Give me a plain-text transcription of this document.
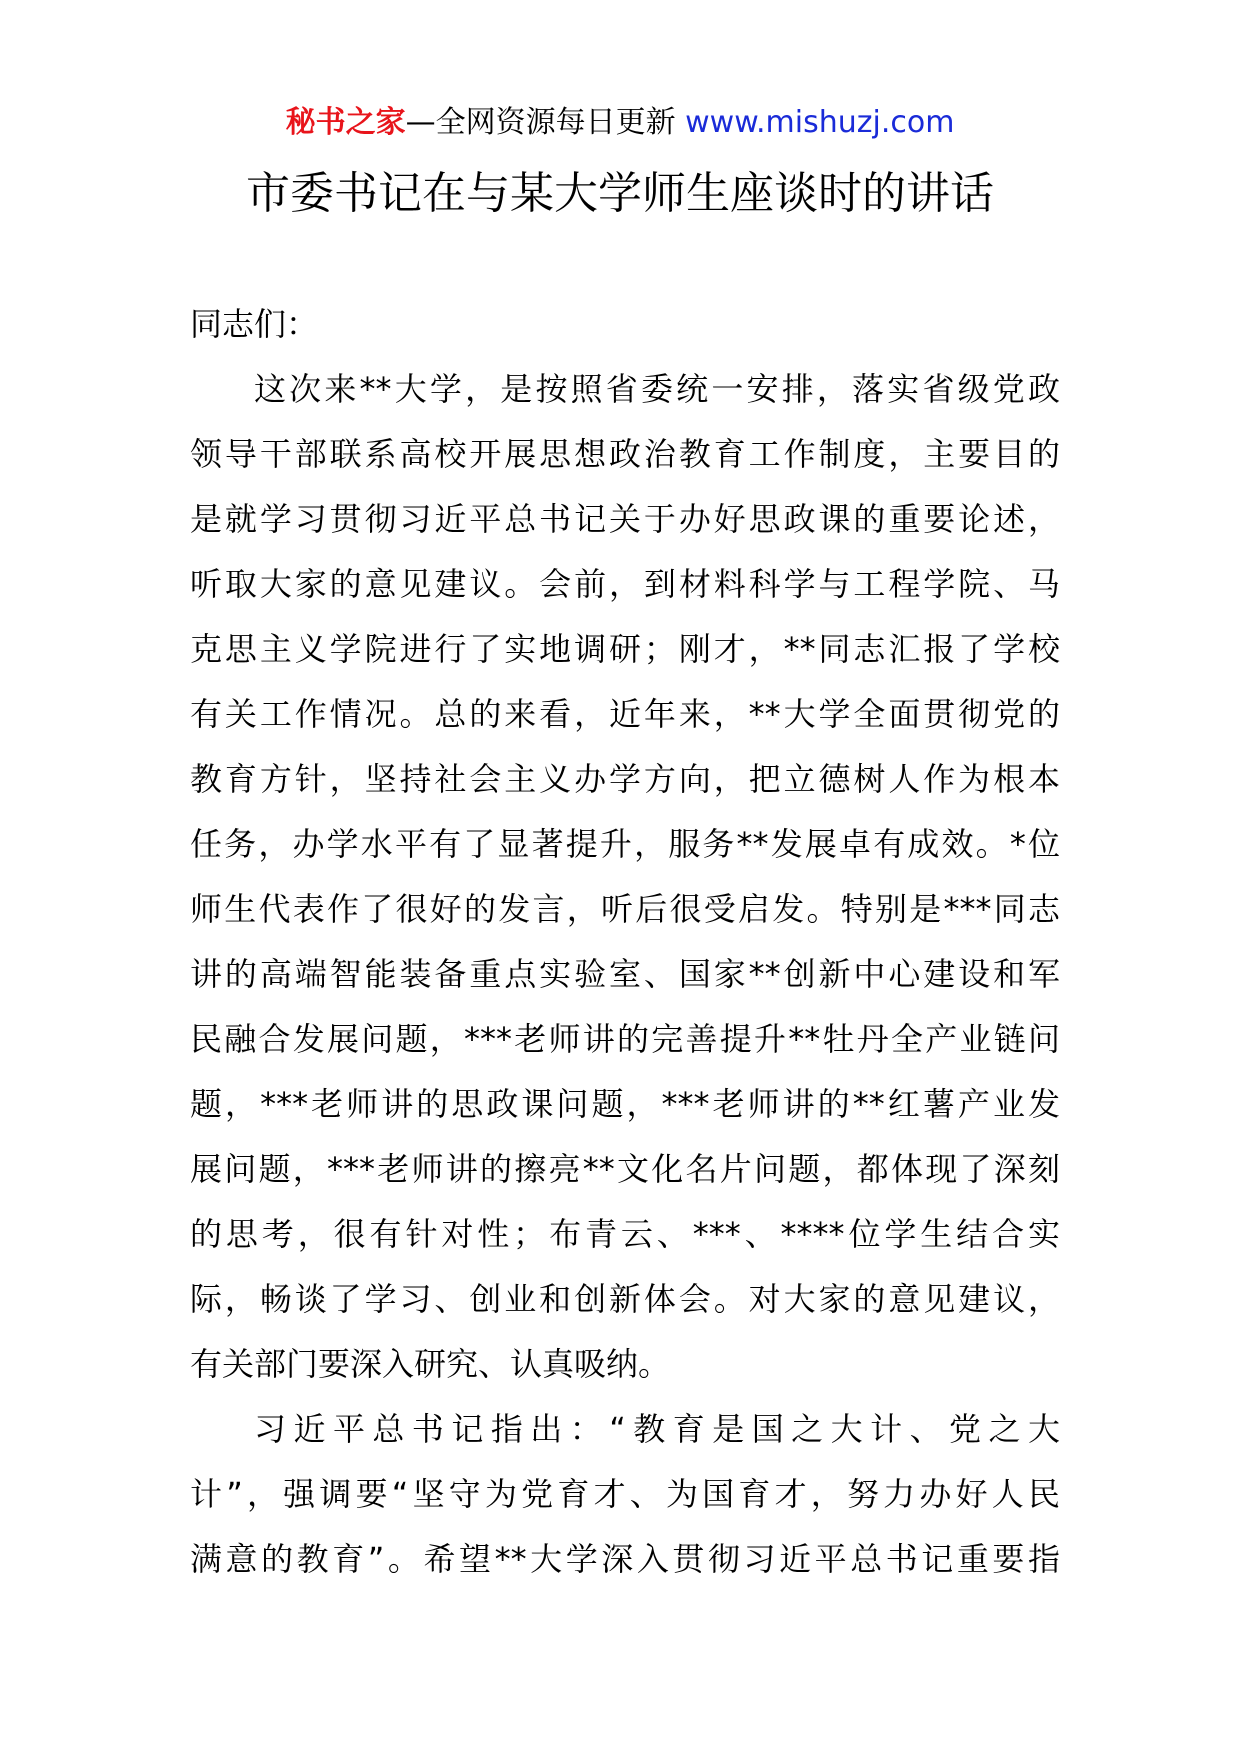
秘书之家—全网资源每日更新 www.mishuzj.com
市委书记在与某大学师生座谈时的讲话

同志们：

这次来**大学，是按照省委统一安排，落实省级党政
领导干部联系高校开展思想政治教育工作制度，主要目的
是就学习贯彻习近平总书记关于办好思政课的重要论述，
听取大家的意见建议。会前，到材料科学与工程学院、马
克思主义学院进行了实地调研；刚才，**同志汇报了学校
有关工作情况。总的来看，近年来，**大学全面贯彻党的
教育方针，坚持社会主义办学方向，把立德树人作为根本
任务，办学水平有了显著提升，服务**发展卓有成效。*位
师生代表作了很好的发言，听后很受启发。特别是***同志
讲的高端智能装备重点实验室、国家**创新中心建设和军
民融合发展问题，***老师讲的完善提升**牡丹全产业链问
题，***老师讲的思政课问题，***老师讲的**红薯产业发
展问题，***老师讲的擦亮**文化名片问题，都体现了深刻
的思考，很有针对性；布青云、***、****位学生结合实
际，畅谈了学习、创业和创新体会。对大家的意见建议，
有关部门要深入研究、认真吸纳。

习近平总书记指出：“教育是国之大计、党之大
计”，强调要“坚守为党育才、为国育才，努力办好人民
满意的教育”。希望**大学深入贯彻习近平总书记重要指
